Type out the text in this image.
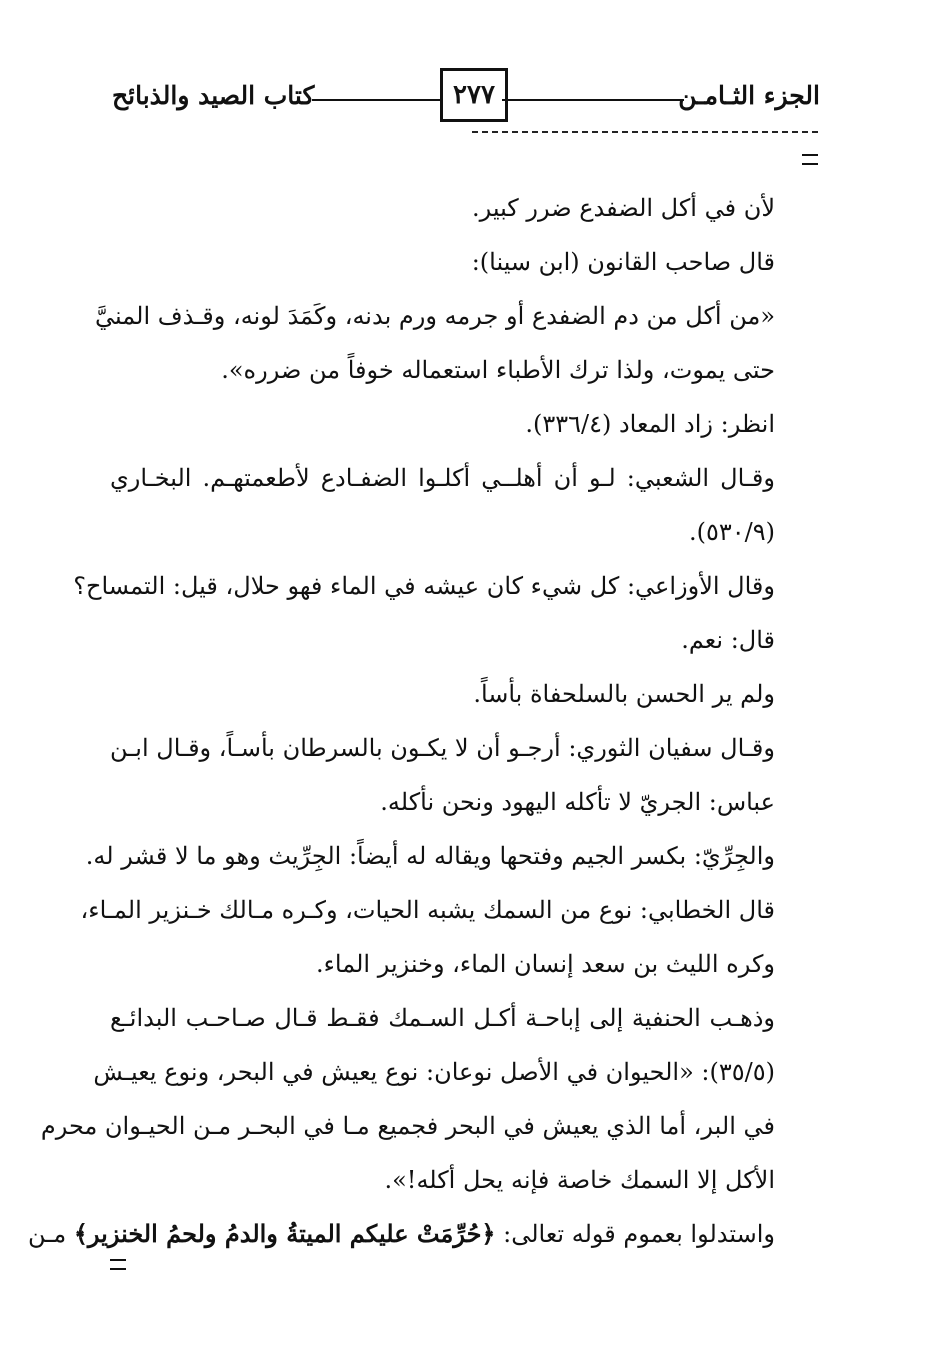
الجزء الثـامـن
٢٧٧
كتاب الصيد والذبائح
لأن في أكل الضفدع ضرر كبير.
قال صاحب القانون (ابن سينا):
«من أكل من دم الضفدع أو جرمه ورم بدنه، وكَمَدَ لونه، وقـذف المنيَّ
حتى يموت، ولذا ترك الأطباء استعماله خوفاً من ضرره».
انظر: زاد المعاد (٣٣٦/٤).
وقـال الشعبي: لـو أن أهلــي أكلـوا الضفـادع لأطعمتهـم. البخـاري
(٥٣٠/٩).
وقال الأوزاعي: كل شيء كان عيشه في الماء فهو حلال، قيل: التمساح؟
قال: نعم.
ولم ير الحسن بالسلحفاة بأساً.
وقـال سفيان الثوري: أرجـو أن لا يكـون بالسرطان بأسـاً، وقـال ابـن
عباس: الجريّ لا تأكله اليهود ونحن نأكله.
والجِرِّيّ: بكسر الجيم وفتحها ويقاله له أيضاً: الجِرِّيث وهو ما لا قشر له.
قال الخطابي: نوع من السمك يشبه الحيات، وكـره مـالك خـنزير المـاء،
وكره الليث بن سعد إنسان الماء، وخنزير الماء.
وذهـب الحنفية إلى إباحـة أكـل السـمك فقـط قـال صـاحـب البدائـع
(٣٥/٥): «الحيوان في الأصل نوعان: نوع يعيش في البحر، ونوع يعيـش
في البر، أما الذي يعيش في البحر فجميع مـا في البحـر مـن الحيـوان محرم
الأكل إلا السمك خاصة فإنه يحل أكله!».
واستدلوا بعموم قوله تعالى: ﴿حُرِّمَتْ عليكم الميتةُ والدمُ ولحمُ الخنزير﴾ مـن
